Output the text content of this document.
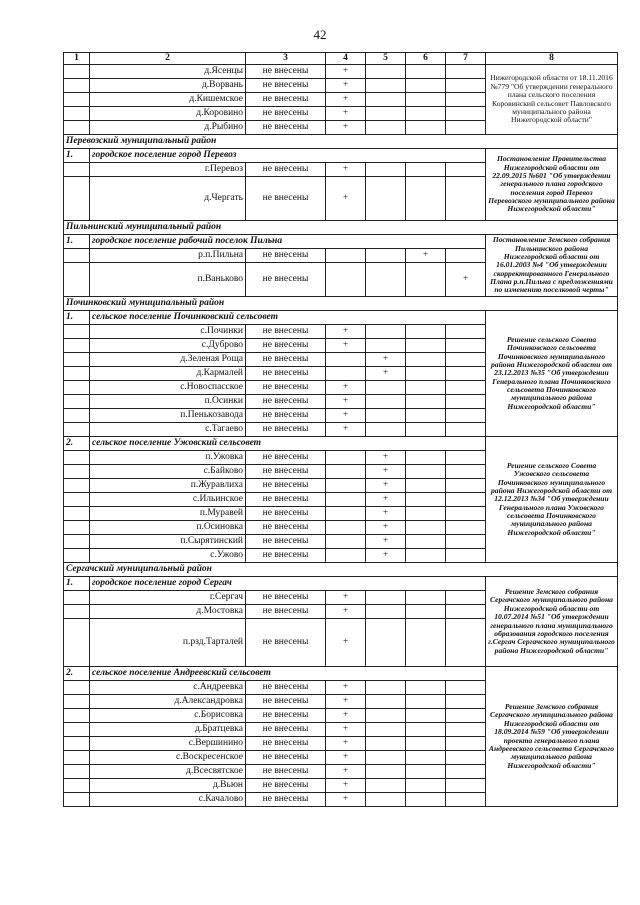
42
1	2	3	4	5	6	7	8
	д.Ясенцы	не внесены	+				Нижегородской области от 18.11.2016 №779 "Об утверждении генерального плана сельского поселения Коровинский сельсовет Павловского муниципального района Нижегородской области"
	д.Ворвань	не внесены	+				
	д.Кишемское	не внесены	+				
	д.Коровино	не внесены	+				
	д.Рыбино	не внесены	+				
Перевозский муниципальный район							
1.	городское поселение город Перевоз						Постановление Правительства Нижегородской области от 22.09.2015 №601 "Об утверждении генерального плана городского поселения город Перевоз Перевозского муниципального района Нижегородской области"
	г.Перевоз	не внесены	+				
	д.Чергать	не внесены	+				
Пильнинский муниципальный район							
1.	городское поселение рабочий поселок Пильна						Постановление Земского собрания Пильнинского района Нижегородской области от 16.01.2003 №4 "Об утверждении скорректированного Генерального Плана р.п.Пильна с предложениями по изменению поселковой черты"
	р.п.Пильна	не внесены			+		
	п.Ваньково	не внесены				+	
Починковский муниципальный район							
1.	сельское поселение Починковский сельсовет						Решение сельского Совета Починковского сельсовета Починковского муниципального района Нижегородской области от 23.12.2013 №35 "Об утверждении Генерального плана Починковского сельсовета Починковского муниципального района Нижегородской области"
	с.Починки	не внесены	+				
	с.Дуброво	не внесены	+				
	д.Зеленая Роща	не внесены		+			
	д.Кармалей	не внесены		+			
	с.Новоспасское	не внесены	+				
	п.Осинки	не внесены	+				
	п.Пенькозавода	не внесены	+				
	с.Тагаево	не внесены	+				
2.	сельское поселение Ужовский сельсовет						Решение сельского Совета Ужовского сельсовета Починковского муниципального района Нижегородской области от 12.12.2013 №34 "Об утверждении Генерального плана Ужовского сельсовета Починковского муниципального района Нижегородской области"
	п.Ужовка	не внесены		+			
	с.Байково	не внесены		+			
	п.Журавлиха	не внесены		+			
	с.Ильинское	не внесены		+			
	п.Муравей	не внесены		+			
	п.Осиновка	не внесены		+			
	п.Сырятинский	не внесены		+			
	с.Ужово	не внесены		+			
Сергачский муниципальный район							
1.	городское поселение город Сергач						Решение Земского собрания Сергачского муниципального района Нижегородской области от 10.07.2014 №51 "Об утверждении генерального плана муниципального образования городского поселения г.Сергач Сергачского муниципального района Нижегородской области"
	г.Сергач	не внесены	+				
	д.Мостовка	не внесены	+				
	п.рзд.Тарталей	не внесены	+				
2.	сельское поселение Андреевский сельсовет						Решение Земского собрания Сергачского муниципального района Нижегородской области от 18.09.2014 №59 "Об утверждении проекта генерального плана Андреевского сельсовета Сергачского муниципального района Нижегородской области"
	с.Андреевка	не внесены	+				
	д.Александровка	не внесены	+				
	с.Борисовка	не внесены	+				
	д.Братцевка	не внесены	+				
	с.Вершинино	не внесены	+				
	с.Воскресенское	не внесены	+				
	д.Всесвятское	не внесены	+				
	д.Вьюн	не внесены	+				
	с.Качалово	не внесены	+				
